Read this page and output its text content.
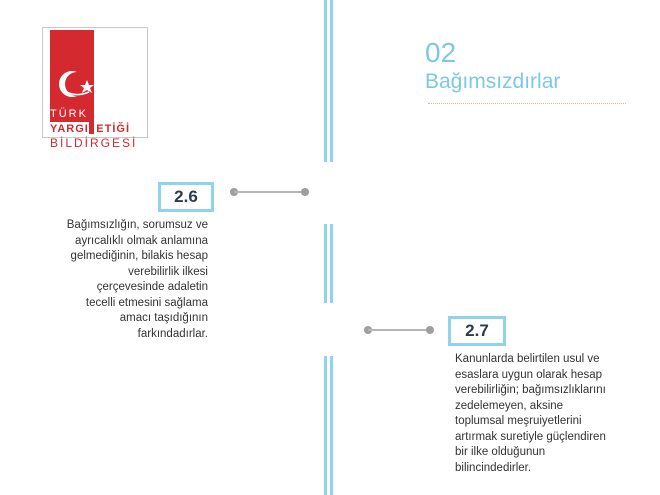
TÜRK
YARGI ETİĞİ
BİLDİRGESİ
02
Bağımsızdırlar
2.6
Bağımsızlığın, sorumsuz ve
ayrıcalıklı olmak anlamına
gelmediğinin, bilakis hesap
verebilirlik ilkesi
çerçevesinde adaletin
tecelli etmesini sağlama
amacı taşıdığının
farkındadırlar.	2.7
Kanunlarda belirtilen usul ve
esaslara uygun olarak hesap
verebilirliğin; bağımsızlıklarını
zedelemeyen, aksine
toplumsal meşruiyetlerini
artırmak suretiyle güçlendiren
bir ilke olduğunun
bilincindedirler.
